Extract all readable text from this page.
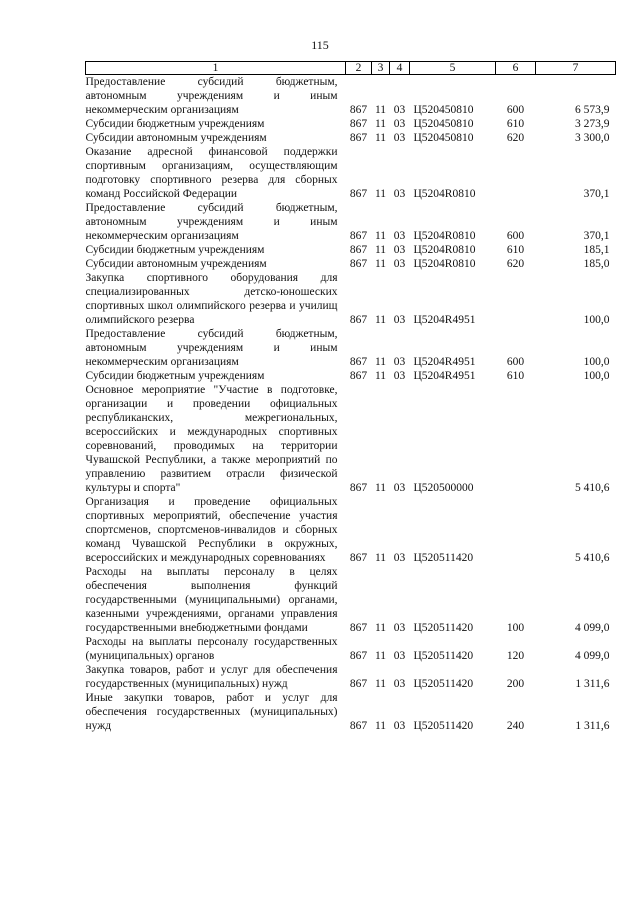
115
1	2	3	4	5	6	7
Предоставление субсидий бюджетным, автономным учреждениям и иным некоммерческим организациям	867	11	03	Ц520450810	600	6 573,9
Субсидии бюджетным учреждениям	867	11	03	Ц520450810	610	3 273,9
Субсидии автономным учреждениям	867	11	03	Ц520450810	620	3 300,0
Оказание адресной финансовой поддержки спортивным организациям, осуществляющим подготовку спортивного резерва для сборных команд Российской Федерации	867	11	03	Ц5204R0810		370,1
Предоставление субсидий бюджетным, автономным учреждениям и иным некоммерческим организациям	867	11	03	Ц5204R0810	600	370,1
Субсидии бюджетным учреждениям	867	11	03	Ц5204R0810	610	185,1
Субсидии автономным учреждениям	867	11	03	Ц5204R0810	620	185,0
Закупка спортивного оборудования для специализированных детско-юношеских спортивных школ олимпийского резерва и училищ олимпийского резерва	867	11	03	Ц5204R4951		100,0
Предоставление субсидий бюджетным, автономным учреждениям и иным некоммерческим организациям	867	11	03	Ц5204R4951	600	100,0
Субсидии бюджетным учреждениям	867	11	03	Ц5204R4951	610	100,0
Основное мероприятие "Участие в подготовке, организации и проведении официальных республиканских, межрегиональных, всероссийских и международных спортивных соревнований, проводимых на территории Чувашской Республики, а также мероприятий по управлению развитием отрасли физической культуры и спорта"	867	11	03	Ц520500000		5 410,6
Организация и проведение официальных спортивных мероприятий, обеспечение участия спортсменов, спортсменов-инвалидов и сборных команд Чувашской Республики в окружных, всероссийских и международных соревнованиях	867	11	03	Ц520511420		5 410,6
Расходы на выплаты персоналу в целях обеспечения выполнения функций государственными (муниципальными) органами, казенными учреждениями, органами управления государственными внебюджетными фондами	867	11	03	Ц520511420	100	4 099,0
Расходы на выплаты персоналу государственных (муниципальных) органов	867	11	03	Ц520511420	120	4 099,0
Закупка товаров, работ и услуг для обеспечения государственных (муниципальных) нужд	867	11	03	Ц520511420	200	1 311,6
Иные закупки товаров, работ и услуг для обеспечения государственных (муниципальных) нужд	867	11	03	Ц520511420	240	1 311,6
